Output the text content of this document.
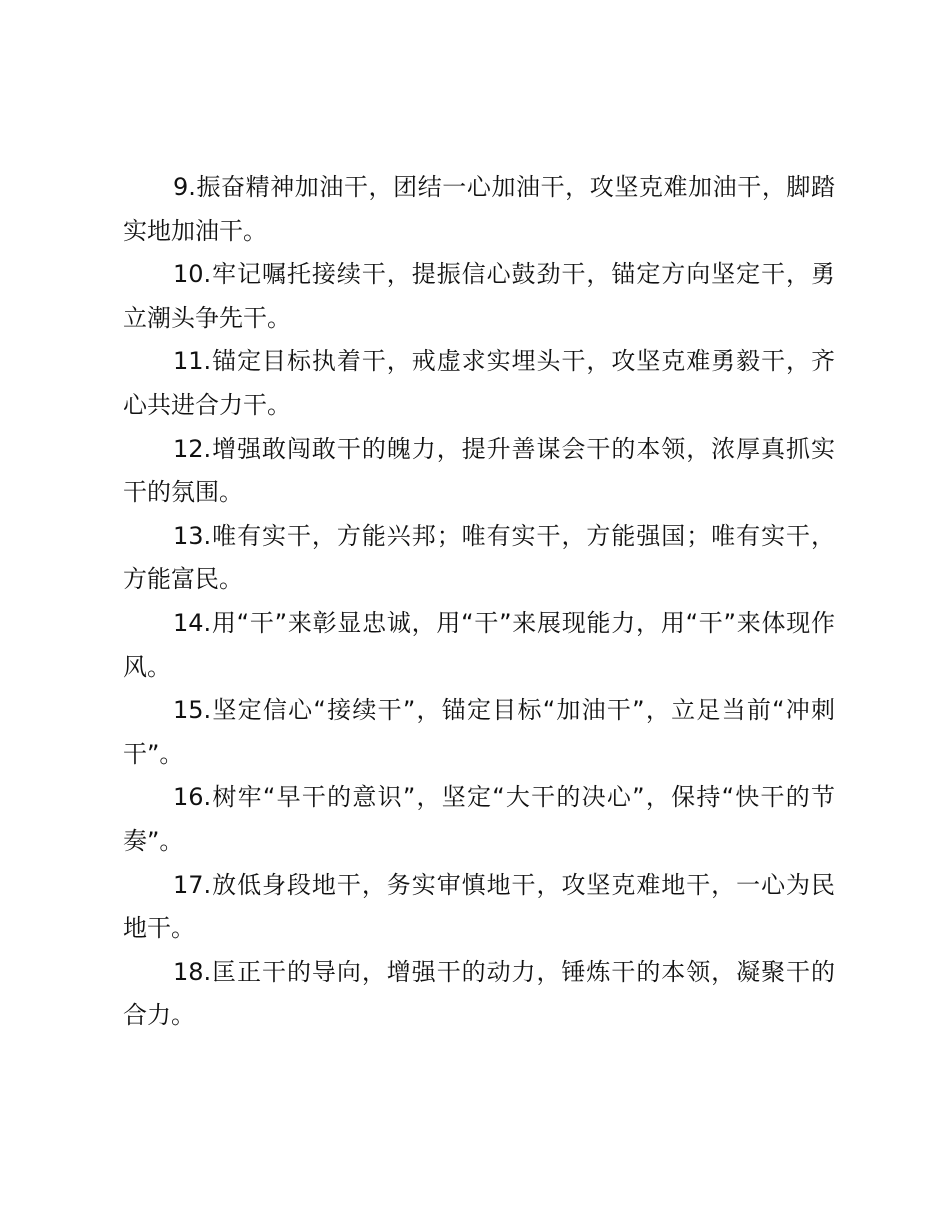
9.振奋精神加油干，团结一心加油干，攻坚克难加油干，脚踏实地加油干。

10.牢记嘱托接续干，提振信心鼓劲干，锚定方向坚定干，勇立潮头争先干。

11.锚定目标执着干，戒虚求实埋头干，攻坚克难勇毅干，齐心共进合力干。

12.增强敢闯敢干的魄力，提升善谋会干的本领，浓厚真抓实干的氛围。

13.唯有实干，方能兴邦；唯有实干，方能强国；唯有实干，方能富民。

14.用“干”来彰显忠诚，用“干”来展现能力，用“干”来体现作风。

15.坚定信心“接续干”，锚定目标“加油干”，立足当前“冲刺干”。

16.树牢“早干的意识”，坚定“大干的决心”，保持“快干的节奏”。

17.放低身段地干，务实审慎地干，攻坚克难地干，一心为民地干。

18.匡正干的导向，增强干的动力，锤炼干的本领，凝聚干的合力。
